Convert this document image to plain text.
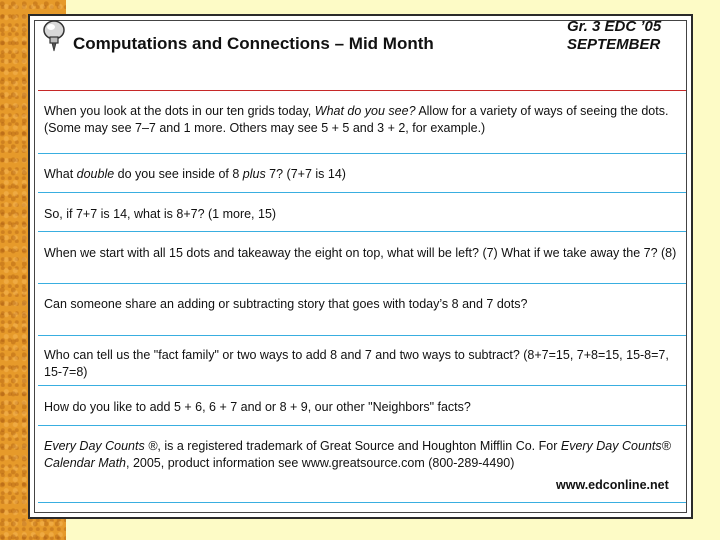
Computations and Connections – Mid Month
Gr. 3 EDC ’05
SEPTEMBER
When you look at the dots in our ten grids today, What do you see? Allow for a variety of ways of seeing the dots. (Some may see 7–7 and 1 more. Others may see 5 + 5 and 3 + 2, for example.)
What double do you see inside of 8 plus 7? (7+7 is 14)
So, if 7+7 is 14, what is 8+7? (1 more, 15)
When we start with all 15 dots and takeaway the eight on top, what will be left? (7) What if we take away the 7? (8)
Can someone share an adding or subtracting story that goes with today’s 8 and 7 dots?
Who can tell us the "fact family" or two ways to add 8 and 7 and two ways to subtract? (8+7=15, 7+8=15, 15-8=7, 15-7=8)
How do you like to add 5 + 6, 6 + 7 and or 8 + 9, our other "Neighbors" facts?
Every Day Counts ®, is a registered trademark of Great Source and Houghton Mifflin Co. For Every Day Counts® Calendar Math, 2005, product information see www.greatsource.com (800-289-4490)
www.edconline.net
